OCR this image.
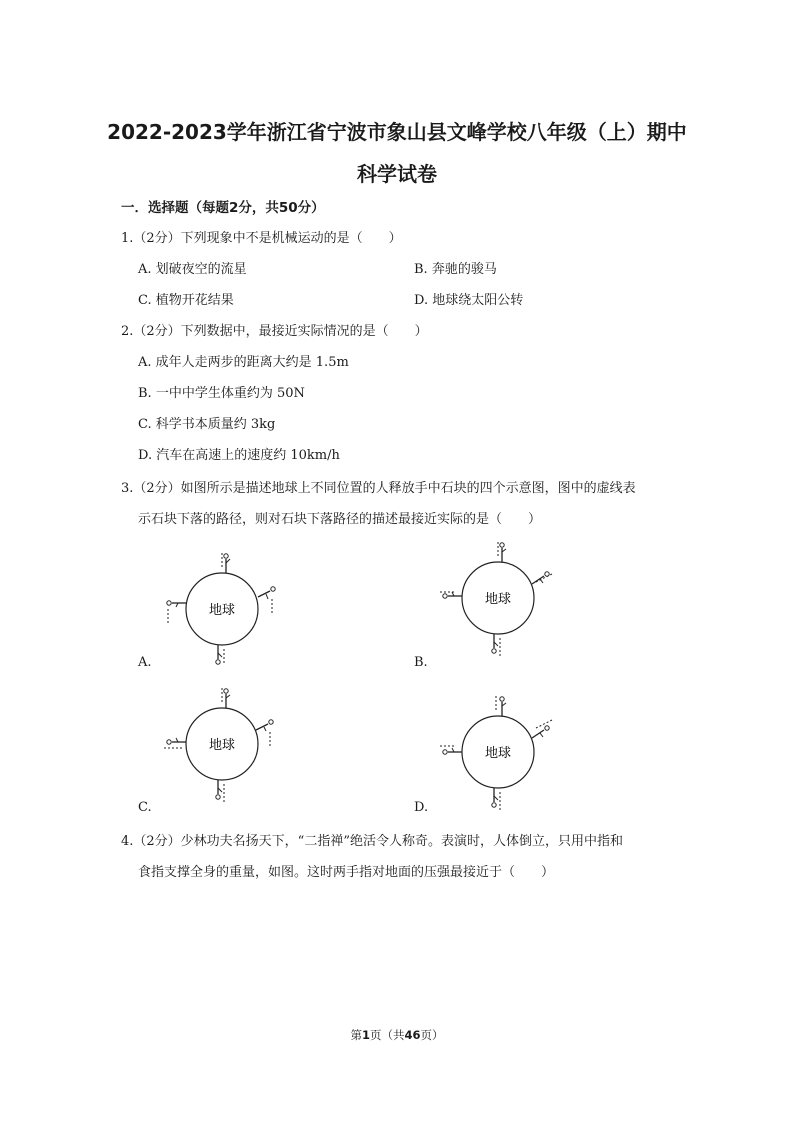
2022-2023学年浙江省宁波市象山县文峰学校八年级（上）期中
科学试卷
一．选择题（每题2分，共50分）
1.（2分）下列现象中不是机械运动的是（　　）
A. 划破夜空的流星	B. 奔驰的骏马
C. 植物开花结果	D. 地球绕太阳公转
2.（2分）下列数据中，最接近实际情况的是（　　）
A. 成年人走两步的距离大约是 1.5m
B. 一中中学生体重约为 50N
C. 科学书本质量约 3kg
D. 汽车在高速上的速度约 10km/h
3.（2分）如图所示是描述地球上不同位置的人释放手中石块的四个示意图，图中的虚线表
示石块下落的路径，则对石块下落路径的描述最接近实际的是（　　）
地球
A.
地球
B.
地球
C.
地球
D.
4.（2分）少林功夫名扬天下，“二指禅”绝活令人称奇。表演时，人体倒立，只用中指和
食指支撑全身的重量，如图。这时两手指对地面的压强最接近于（　　）
第1页（共46页）
